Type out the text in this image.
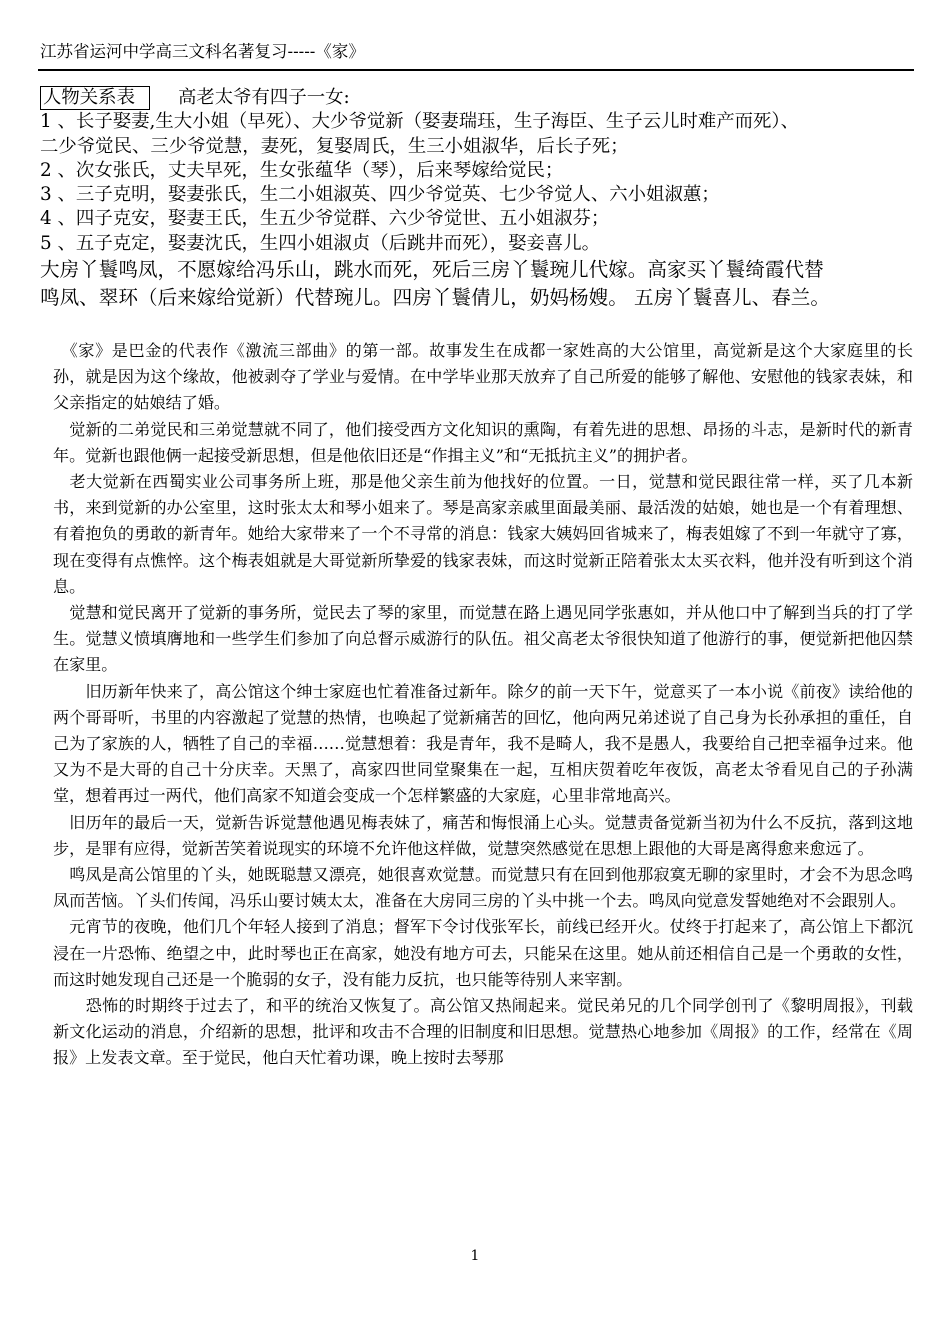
江苏省运河中学高三文科名著复习-----《家》
人物关系表 高老太爷有四子一女:
1 、长子娶妻,生大小姐（早死）、大少爷觉新（娶妻瑞珏，生子海臣、生子云儿时难产而死）、
二少爷觉民、三少爷觉慧，妻死，复娶周氏，生三小姐淑华，后长子死；
2 、次女张氏，丈夫早死，生女张蕴华（琴），后来琴嫁给觉民；
3 、三子克明，娶妻张氏，生二小姐淑英、四少爷觉英、七少爷觉人、六小姐淑蕙；
4 、四子克安，娶妻王氏，生五少爷觉群、六少爷觉世、五小姐淑芬；
5 、五子克定，娶妻沈氏，生四小姐淑贞（后跳井而死），娶妾喜儿。
大房丫鬟鸣凤，不愿嫁给冯乐山，跳水而死，死后三房丫鬟琬儿代嫁。高家买丫鬟绮霞代替
鸣凤、翠环（后来嫁给觉新）代替琬儿。四房丫鬟倩儿，奶妈杨嫂。 五房丫鬟喜儿、春兰。

　《家》是巴金的代表作《激流三部曲》的第一部。故事发生在成都一家姓高的大公馆里，高觉新是这个大家庭里的长孙，就是因为这个缘故，他被剥夺了学业与爱情。在中学毕业那天放弃了自己所爱的能够了解他、安慰他的钱家表妹，和父亲指定的姑娘结了婚。

　觉新的二弟觉民和三弟觉慧就不同了，他们接受西方文化知识的熏陶，有着先进的思想、昂扬的斗志，是新时代的新青年。觉新也跟他俩一起接受新思想，但是他依旧还是“作揖主义”和“无抵抗主义”的拥护者。

　老大觉新在西蜀实业公司事务所上班，那是他父亲生前为他找好的位置。一日，觉慧和觉民跟往常一样，买了几本新书，来到觉新的办公室里，这时张太太和琴小姐来了。琴是高家亲戚里面最美丽、最活泼的姑娘，她也是一个有着理想、有着抱负的勇敢的新青年。她给大家带来了一个不寻常的消息：钱家大姨妈回省城来了，梅表姐嫁了不到一年就守了寡，现在变得有点憔悴。这个梅表姐就是大哥觉新所挚爱的钱家表妹，而这时觉新正陪着张太太买衣料，他并没有听到这个消息。

　觉慧和觉民离开了觉新的事务所，觉民去了琴的家里，而觉慧在路上遇见同学张惠如，并从他口中了解到当兵的打了学生。觉慧义愤填膺地和一些学生们参加了向总督示威游行的队伍。祖父高老太爷很快知道了他游行的事，便觉新把他囚禁在家里。

　　旧历新年快来了，高公馆这个绅士家庭也忙着准备过新年。除夕的前一天下午，觉意买了一本小说《前夜》读给他的两个哥哥听，书里的内容激起了觉慧的热情，也唤起了觉新痛苦的回忆，他向两兄弟述说了自己身为长孙承担的重任，自己为了家族的人，牺牲了自己的幸福……觉慧想着：我是青年，我不是畸人，我不是愚人，我要给自己把幸福争过来。他又为不是大哥的自己十分庆幸。天黑了，高家四世同堂聚集在一起，互相庆贺着吃年夜饭，高老太爷看见自己的子孙满堂，想着再过一两代，他们高家不知道会变成一个怎样繁盛的大家庭，心里非常地高兴。

　旧历年的最后一天，觉新告诉觉慧他遇见梅表妹了，痛苦和悔恨涌上心头。觉慧责备觉新当初为什么不反抗，落到这地步，是罪有应得，觉新苦笑着说现实的环境不允许他这样做，觉慧突然感觉在思想上跟他的大哥是离得愈来愈远了。

　鸣凤是高公馆里的丫头，她既聪慧又漂亮，她很喜欢觉慧。而觉慧只有在回到他那寂寞无聊的家里时，才会不为思念鸣凤而苦恼。丫头们传闻，冯乐山要讨姨太太，准备在大房同三房的丫头中挑一个去。鸣凤向觉意发誓她绝对不会跟别人。

　元宵节的夜晚，他们几个年轻人接到了消息；督军下令讨伐张军长，前线已经开火。仗终于打起来了，高公馆上下都沉浸在一片恐怖、绝望之中，此时琴也正在高家，她没有地方可去，只能呆在这里。她从前还相信自己是一个勇敢的女性，而这时她发现自己还是一个脆弱的女子，没有能力反抗，也只能等待别人来宰割。

　　恐怖的时期终于过去了，和平的统治又恢复了。高公馆又热闹起来。觉民弟兄的几个同学创刊了《黎明周报》，刊载新文化运动的消息，介绍新的思想，批评和攻击不合理的旧制度和旧思想。觉慧热心地参加《周报》的工作，经常在《周报》上发表文章。至于觉民，他白天忙着功课，晚上按时去琴那

1
